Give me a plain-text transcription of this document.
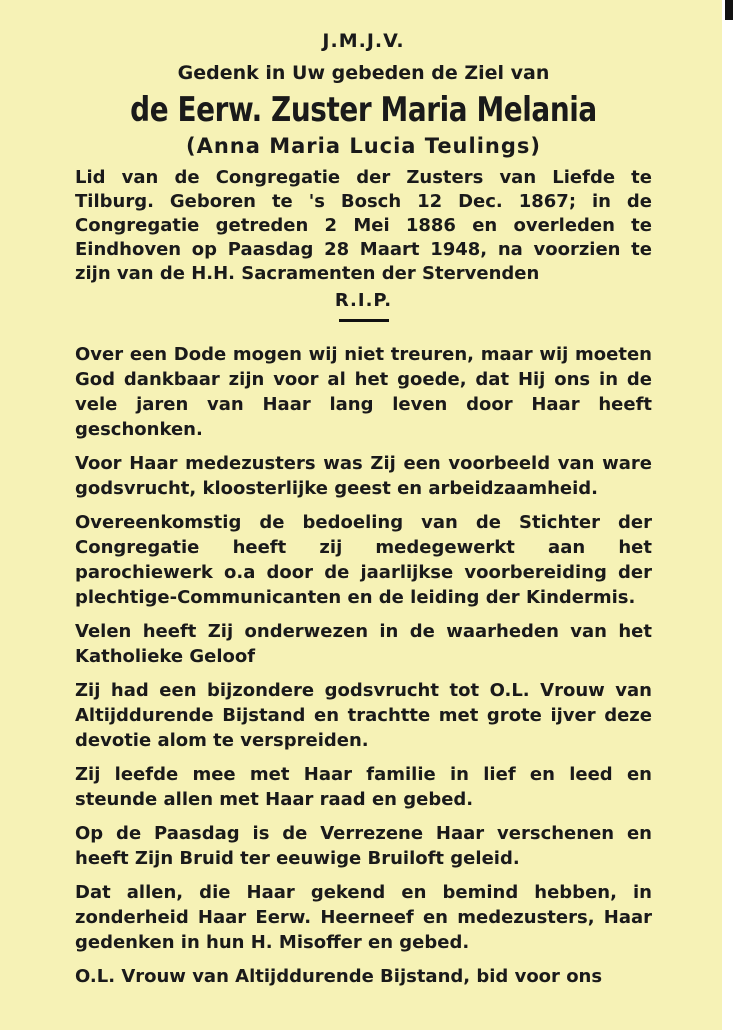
J.M.J.V.
Gedenk in Uw gebeden de Ziel van
de Eerw. Zuster Maria Melania
(Anna Maria Lucia Teulings)

Lid van de Congregatie der Zusters van Liefde te Tilburg. Geboren te 's Bosch 12 Dec. 1867; in de Congregatie getreden 2 Mei 1886 en overleden te Eindhoven op Paasdag 28 Maart 1948, na voorzien te zijn van de H.H. Sacramenten der Stervenden

R.I.P.

Over een Dode mogen wij niet treuren, maar wij moeten God dankbaar zijn voor al het goede, dat Hij ons in de vele jaren van Haar lang leven door Haar heeft geschonken.

Voor Haar medezusters was Zij een voorbeeld van ware godsvrucht, kloosterlijke geest en arbeidzaamheid.

Overeenkomstig de bedoeling van de Stichter der Congregatie heeft zij medegewerkt aan het parochiewerk o.a door de jaarlijkse voorbereiding der plechtige-Communicanten en de leiding der Kindermis.

Velen heeft Zij onderwezen in de waarheden van het Katholieke Geloof

Zij had een bijzondere godsvrucht tot O.L. Vrouw van Altijddurende Bijstand en trachtte met grote ijver deze devotie alom te verspreiden.

Zij leefde mee met Haar familie in lief en leed en steunde allen met Haar raad en gebed.

Op de Paasdag is de Verrezene Haar verschenen en heeft Zijn Bruid ter eeuwige Bruiloft geleid.

Dat allen, die Haar gekend en bemind hebben, in zonderheid Haar Eerw. Heerneef en medezusters, Haar gedenken in hun H. Misoffer en gebed.

O.L. Vrouw van Altijddurende Bijstand, bid voor ons
